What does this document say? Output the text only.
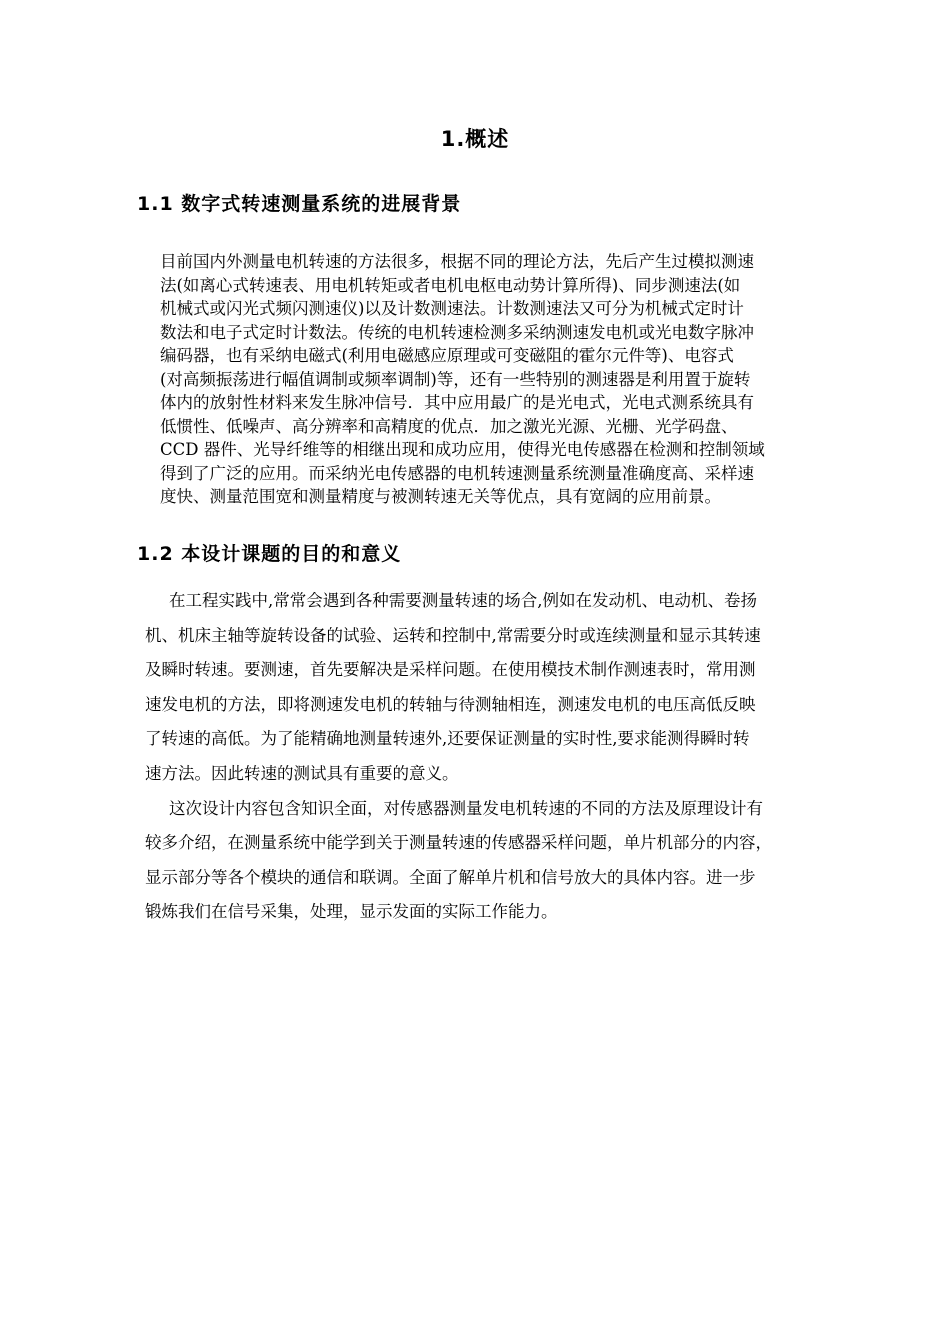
1.概述
1.1 数字式转速测量系统的进展背景
目前国内外测量电机转速的方法很多，根据不同的理论方法，先后产生过模拟测速
法(如离心式转速表、用电机转矩或者电机电枢电动势计算所得)、同步测速法(如
机械式或闪光式频闪测速仪)以及计数测速法。计数测速法又可分为机械式定时计
数法和电子式定时计数法。传统的电机转速检测多采纳测速发电机或光电数字脉冲
编码器，也有采纳电磁式(利用电磁感应原理或可变磁阻的霍尔元件等)、电容式
(对高频振荡进行幅值调制或频率调制)等，还有一些特别的测速器是利用置于旋转
体内的放射性材料来发生脉冲信号．其中应用最广的是光电式，光电式测系统具有
低惯性、低噪声、高分辨率和高精度的优点．加之激光光源、光栅、光学码盘、
CCD 器件、光导纤维等的相继出现和成功应用，使得光电传感器在检测和控制领域
得到了广泛的应用。而采纳光电传感器的电机转速测量系统测量准确度高、采样速
度快、测量范围宽和测量精度与被测转速无关等优点，具有宽阔的应用前景。
1.2 本设计课题的目的和意义
在工程实践中,常常会遇到各种需要测量转速的场合,例如在发动机、电动机、卷扬
机、机床主轴等旋转设备的试验、运转和控制中,常需要分时或连续测量和显示其转速
及瞬时转速。要测速，首先要解决是采样问题。在使用模技术制作测速表时，常用测
速发电机的方法，即将测速发电机的转轴与待测轴相连，测速发电机的电压高低反映
了转速的高低。为了能精确地测量转速外,还要保证测量的实时性,要求能测得瞬时转
速方法。因此转速的测试具有重要的意义。
这次设计内容包含知识全面，对传感器测量发电机转速的不同的方法及原理设计有
较多介绍，在测量系统中能学到关于测量转速的传感器采样问题，单片机部分的内容，
显示部分等各个模块的通信和联调。全面了解单片机和信号放大的具体内容。进一步
锻炼我们在信号采集，处理，显示发面的实际工作能力。
